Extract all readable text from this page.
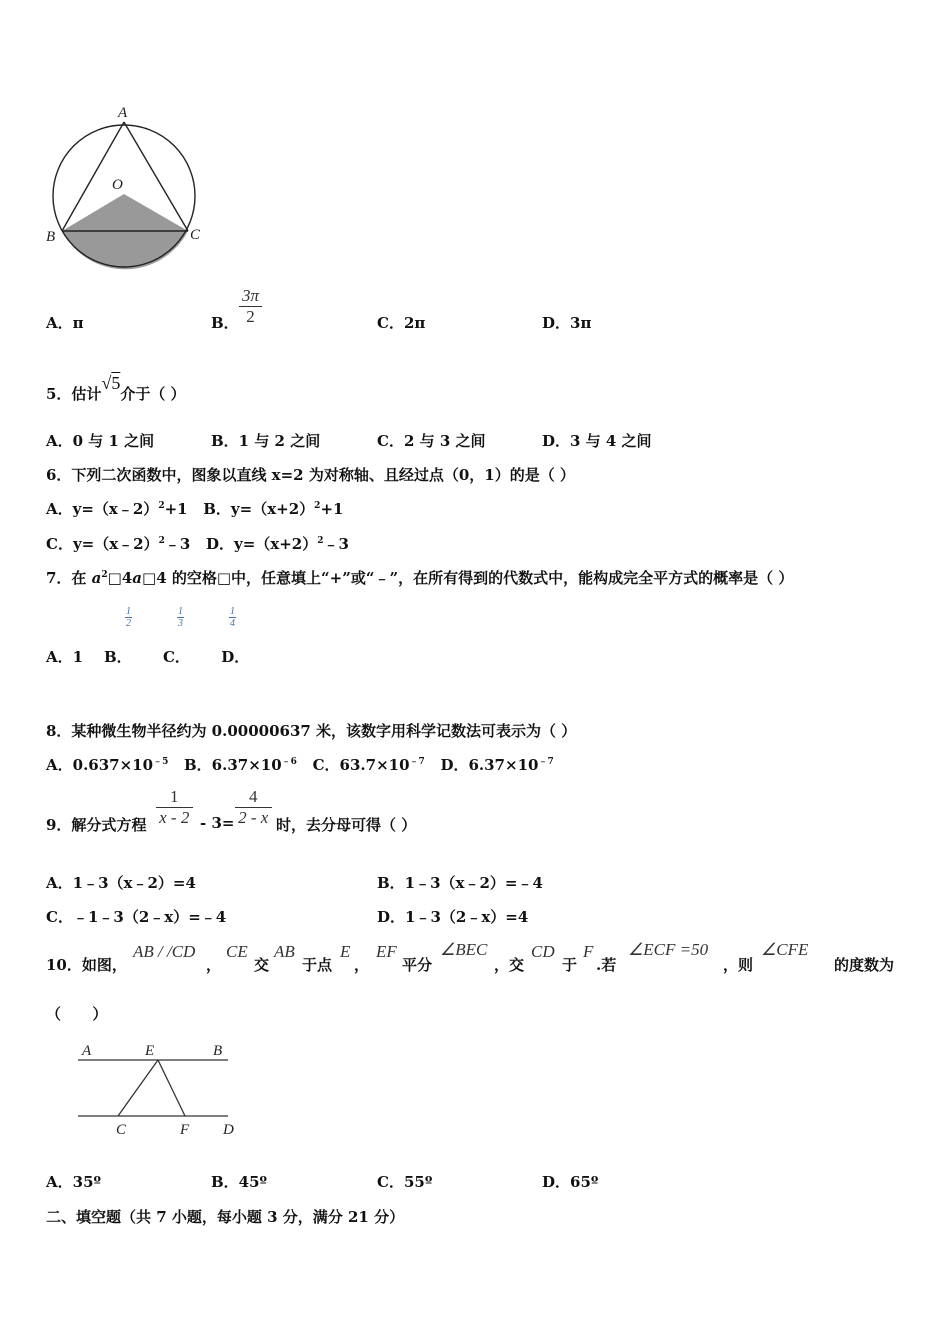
A
O
B	C
A．π	B． $\frac{3\pi}{2}$	C．2π	D．3π
5．估计√5介于（ ）
A．0 与 1 之间	B．1 与 2 之间	C．2 与 3 之间	D．3 与 4 之间
6．下列二次函数中，图象以直线 x=2 为对称轴、且经过点（0，1）的是（ ）
A．y=（x﹣2）$^2$+1   B．$y=(x+2)^2+1$
C．y=（x﹣2）$^2$﹣3   D．$y=(x+2)^2﹣3$
7．在 $a^2□4a□4$ 的空格□中，任意填上“+”或“﹣”，在所有得到的代数式中，能构成完全平方式的概率是（ ）
$\frac{1}{2}$	$\frac{1}{3}$	$\frac{1}{4}$
A．1    B．      C．      D．
8．某种微生物半径约为 0.00000637 米，该数字用科学记数法可表示为（ ）
A．$0.637\times 10^{﹣5}$ B．$6.37\times 10^{﹣6}$ C．$63.7\times 10^{﹣7}$ D．$6.37\times 10^{﹣7}$
9．解分式方程 $\frac{1}{x - 2} - 3= \frac{4}{2 - x}$ 时，去分母可得（ ）
A．1﹣3（x﹣2）=4	B．1﹣3（x﹣2）=﹣4
C．﹣1﹣3（2﹣x）=﹣4	D．1﹣3（2﹣x）=4
10．如图，
AB / /CD
，
CE
交
AB
于点
E
，
EF
平分
∠BEC
，交
CD
于
F
.若
∠ECF =50
，则
∠CFE
的度数为
（      ）
A	E	B
C	F D
A．35º	B．45º	C．55º	D．65º
二、填空题（共 7 小题，每小题 3 分，满分 21 分）
